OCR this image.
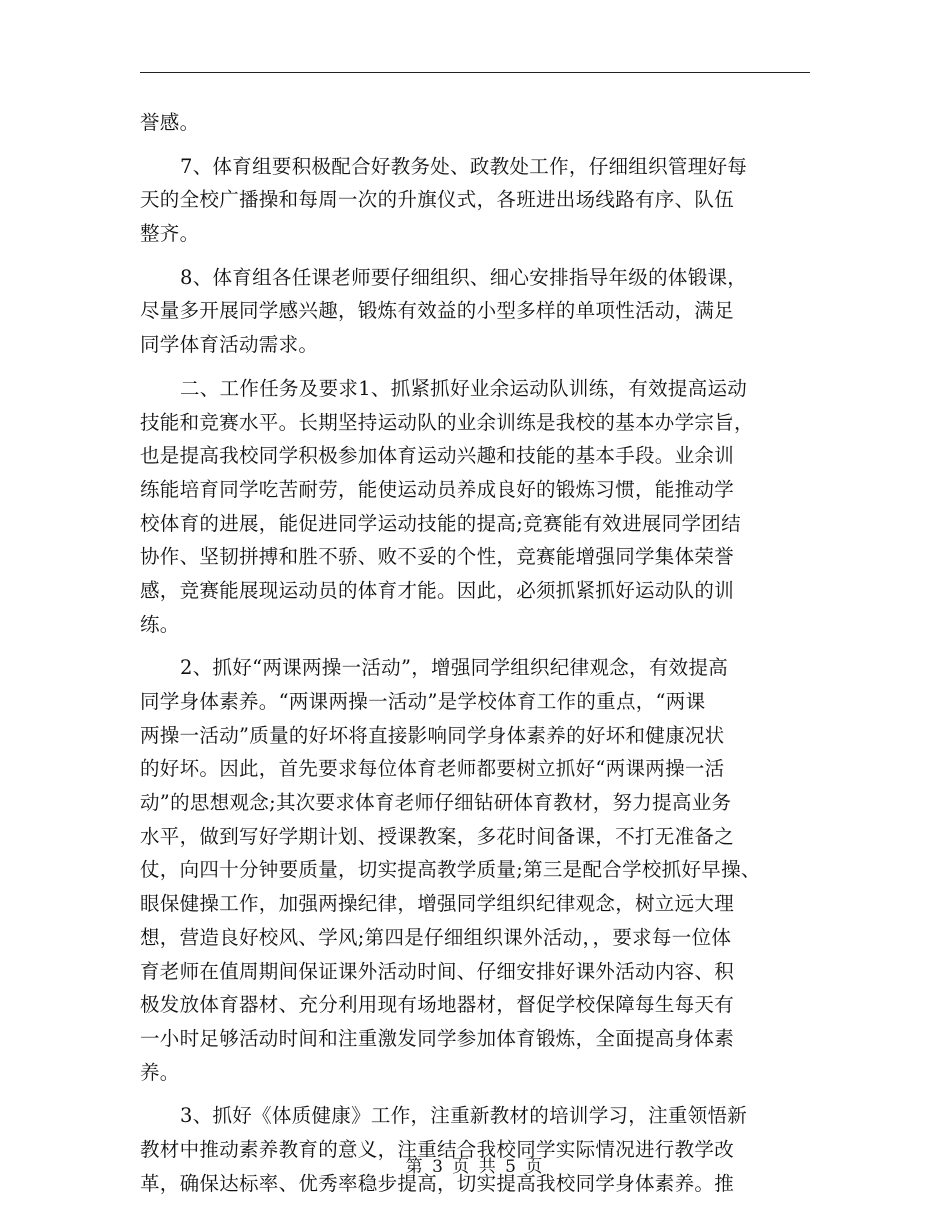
誉感。
7、体育组要积极配合好教务处、政教处工作，仔细组织管理好每
天的全校广播操和每周一次的升旗仪式，各班进出场线路有序、队伍
整齐。
8、体育组各任课老师要仔细组织、细心安排指导年级的体锻课，
尽量多开展同学感兴趣，锻炼有效益的小型多样的单项性活动，满足
同学体育活动需求。
二、工作任务及要求1、抓紧抓好业余运动队训练，有效提高运动
技能和竞赛水平。长期坚持运动队的业余训练是我校的基本办学宗旨，
也是提高我校同学积极参加体育运动兴趣和技能的基本手段。业余训
练能培育同学吃苦耐劳，能使运动员养成良好的锻炼习惯，能推动学
校体育的进展，能促进同学运动技能的提高;竞赛能有效进展同学团结
协作、坚韧拼搏和胜不骄、败不妥的个性，竞赛能增强同学集体荣誉
感，竞赛能展现运动员的体育才能。因此，必须抓紧抓好运动队的训
练。
2、抓好“两课两操一活动”，增强同学组织纪律观念，有效提高
同学身体素养。“两课两操一活动”是学校体育工作的重点，“两课
两操一活动”质量的好坏将直接影响同学身体素养的好坏和健康况状
的好坏。因此，首先要求每位体育老师都要树立抓好“两课两操一活
动”的思想观念;其次要求体育老师仔细钻研体育教材，努力提高业务
水平，做到写好学期计划、授课教案，多花时间备课，不打无准备之
仗，向四十分钟要质量，切实提高教学质量;第三是配合学校抓好早操、
眼保健操工作，加强两操纪律，增强同学组织纪律观念，树立远大理
想，营造良好校风、学风;第四是仔细组织课外活动，，要求每一位体
育老师在值周期间保证课外活动时间、仔细安排好课外活动内容、积
极发放体育器材、充分利用现有场地器材，督促学校保障每生每天有
一小时足够活动时间和注重激发同学参加体育锻炼，全面提高身体素
养。
3、抓好《体质健康》工作，注重新教材的培训学习，注重领悟新
教材中推动素养教育的意义，注重结合我校同学实际情况进行教学改
革，确保达标率、优秀率稳步提高，切实提高我校同学身体素养。推
第 3 页 共 5 页
